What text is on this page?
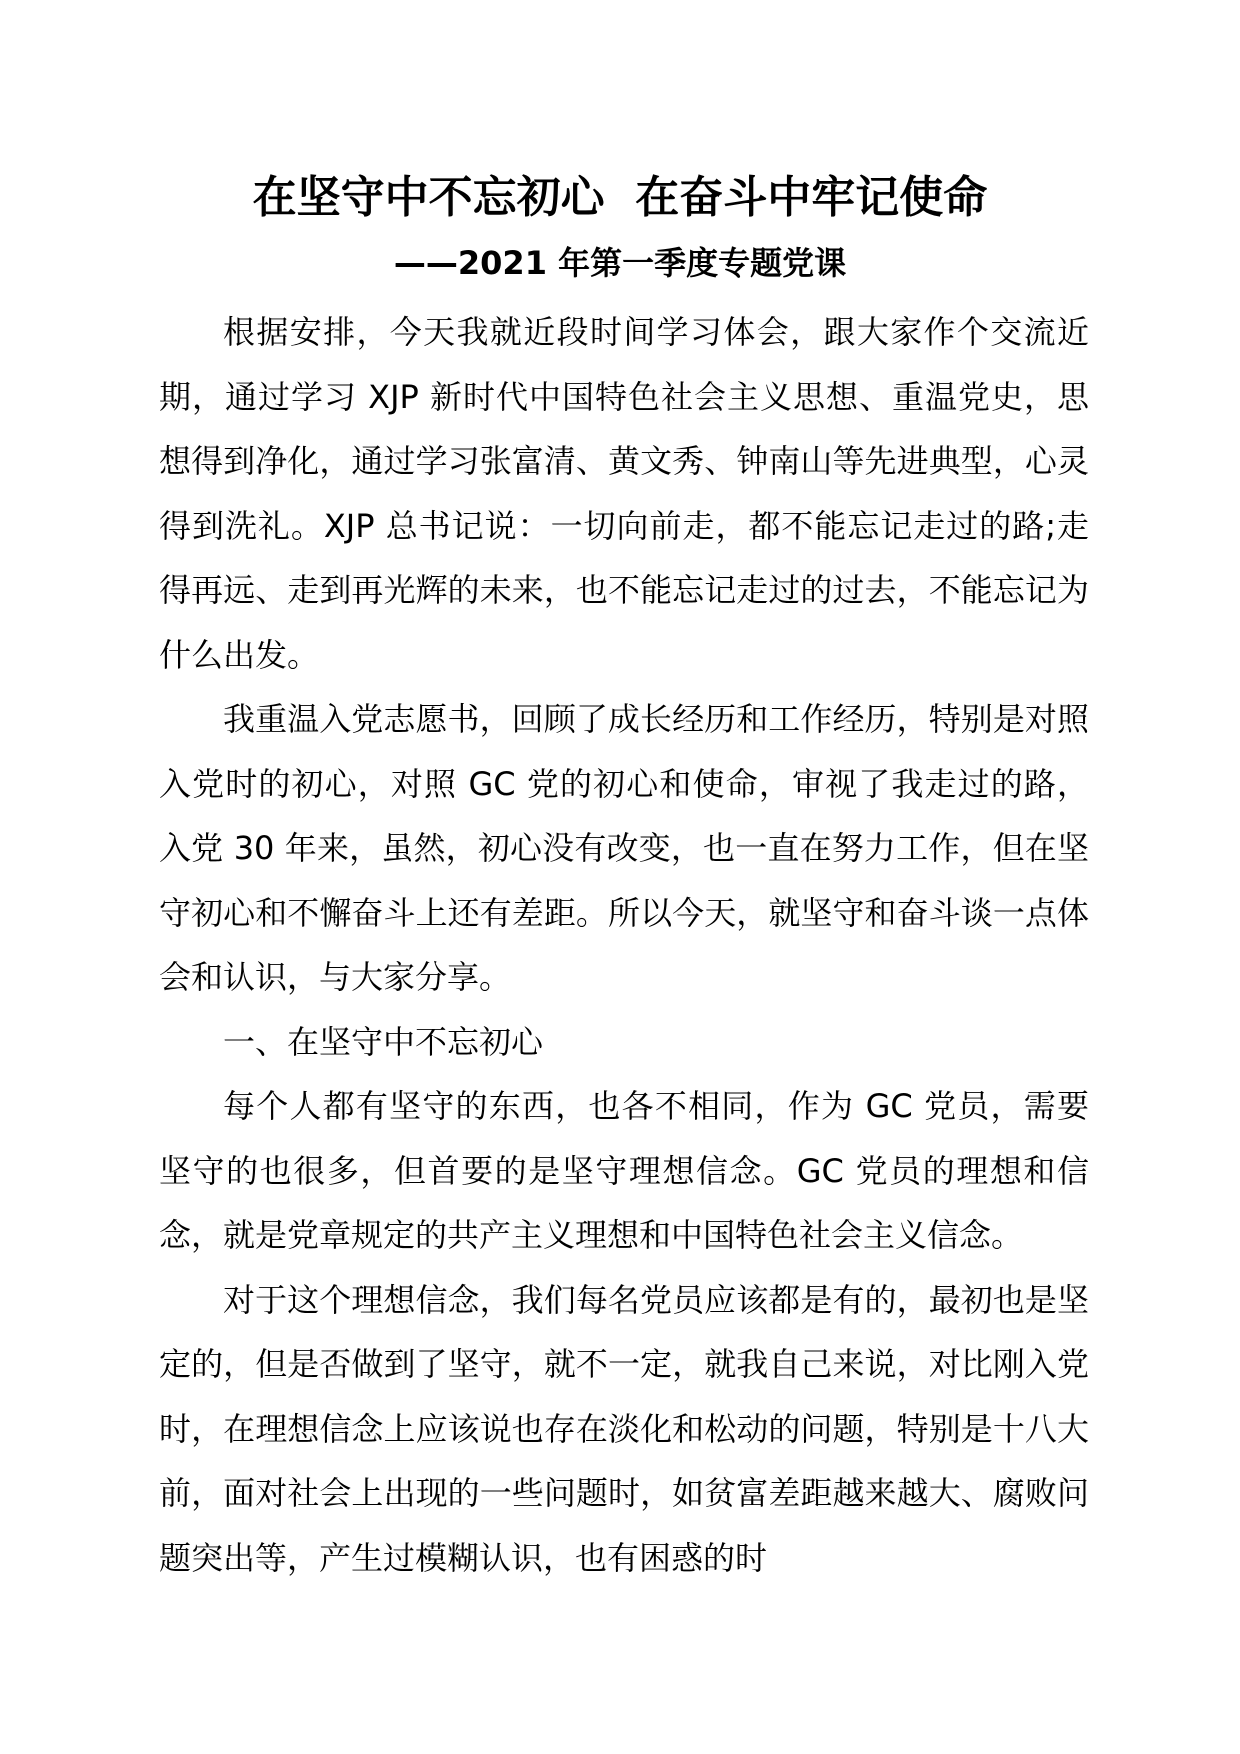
在坚守中不忘初心  在奋斗中牢记使命
——2021 年第一季度专题党课

根据安排，今天我就近段时间学习体会，跟大家作个交流近期，通过学习 XJP 新时代中国特色社会主义思想、重温党史，思想得到净化，通过学习张富清、黄文秀、钟南山等先进典型，心灵得到洗礼。XJP 总书记说：一切向前走，都不能忘记走过的路;走得再远、走到再光辉的未来，也不能忘记走过的过去，不能忘记为什么出发。

我重温入党志愿书，回顾了成长经历和工作经历，特别是对照入党时的初心，对照 GC 党的初心和使命，审视了我走过的路，入党 30 年来，虽然，初心没有改变，也一直在努力工作，但在坚守初心和不懈奋斗上还有差距。所以今天，就坚守和奋斗谈一点体会和认识，与大家分享。

一、在坚守中不忘初心

每个人都有坚守的东西，也各不相同，作为 GC 党员，需要坚守的也很多，但首要的是坚守理想信念。GC 党员的理想和信念，就是党章规定的共产主义理想和中国特色社会主义信念。

对于这个理想信念，我们每名党员应该都是有的，最初也是坚定的，但是否做到了坚守，就不一定，就我自己来说，对比刚入党时，在理想信念上应该说也存在淡化和松动的问题，特别是十八大前，面对社会上出现的一些问题时，如贫富差距越来越大、腐败问题突出等，产生过模糊认识，也有困惑的时
